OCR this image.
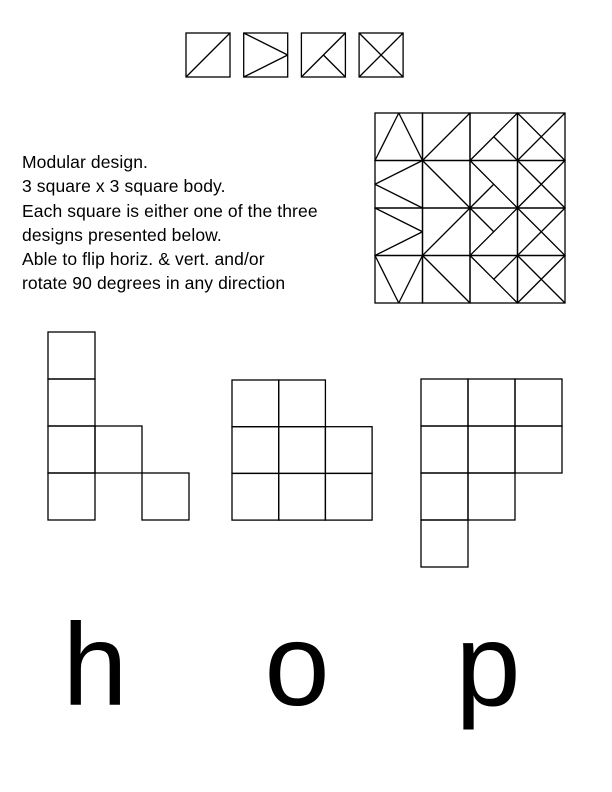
Modular design.
3 square x 3 square body.
Each square is either one of the three
designs presented below.
Able to flip horiz. & vert. and/or
rotate 90 degrees in any direction
h o p
